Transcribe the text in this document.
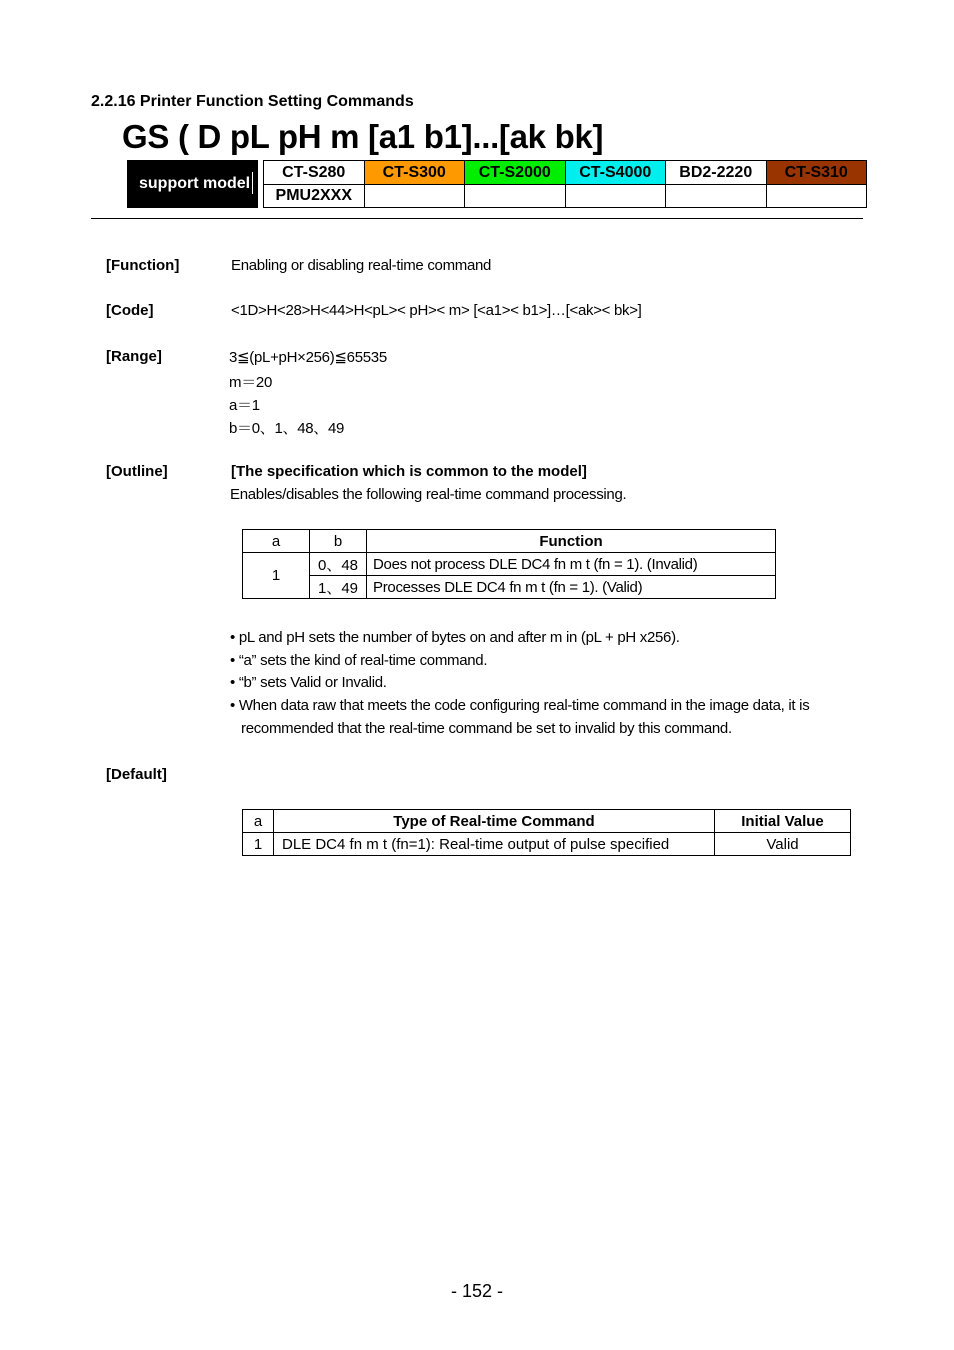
2.2.16 Printer Function Setting Commands
GS ( D pL pH m [a1 b1]...[ak bk]
support model
CT-S280	CT-S300	CT-S2000	CT-S4000	BD2-2220	CT-S310
PMU2XXX
[Function]	Enabling or disabling real-time command
[Code]	<1D>H<28>H<44>H<pL>< pH>< m> [<a1>< b1>]…[<ak>< bk>]
[Range]	3≦(pL+pH×256)≦65535
m＝20
a＝1
b＝0、1、48、49
[Outline]	[The specification which is common to the model]
Enables/disables the following real-time command processing.
a	b	Function
1	0、48	Does not process DLE DC4 fn m t (fn = 1). (Invalid)
	1、49	Processes DLE DC4 fn m t (fn = 1). (Valid)
• pL and pH sets the number of bytes on and after m in (pL + pH x256).
• “a” sets the kind of real-time command.
• “b” sets Valid or Invalid.
• When data raw that meets the code configuring real-time command in the image data, it is
recommended that the real-time command be set to invalid by this command.
[Default]
a	Type of Real-time Command	Initial Value
1	DLE DC4 fn m t (fn=1): Real-time output of pulse specified	Valid
- 152 -
